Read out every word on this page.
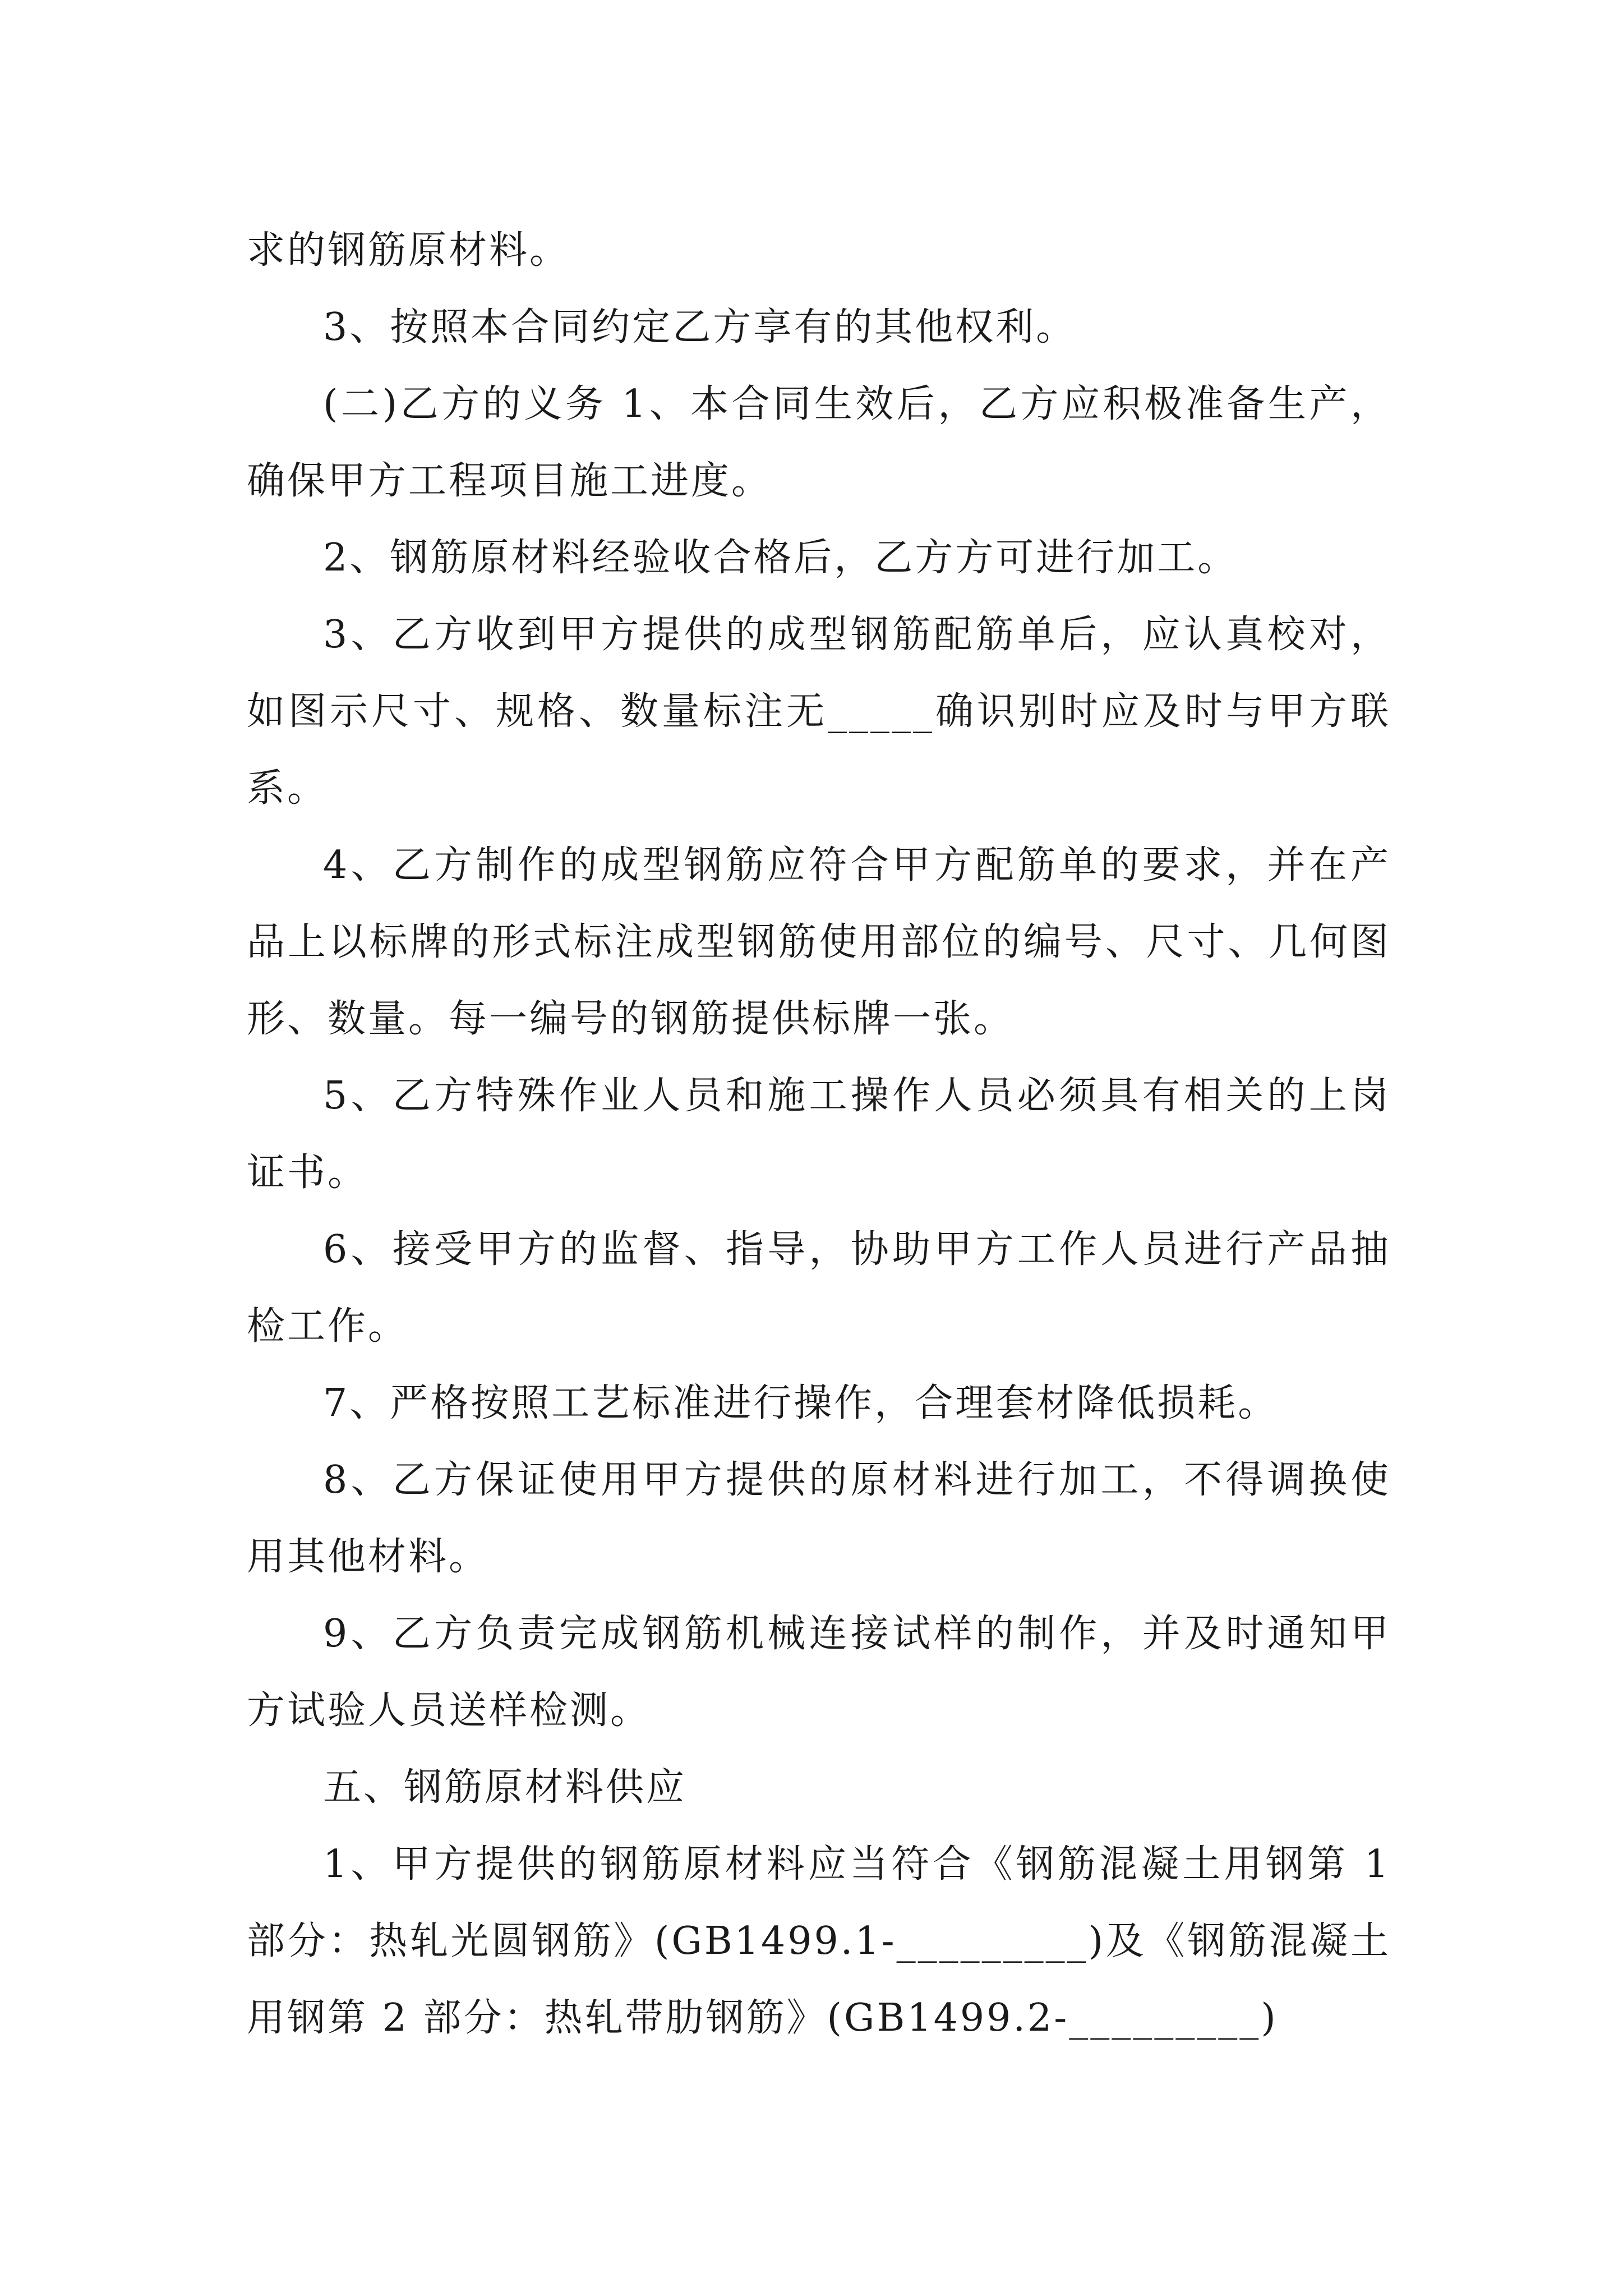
求的钢筋原材料。

3、按照本合同约定乙方享有的其他权利。

(二)乙方的义务 1、本合同生效后，乙方应积极准备生产，确保甲方工程项目施工进度。

2、钢筋原材料经验收合格后，乙方方可进行加工。

3、乙方收到甲方提供的成型钢筋配筋单后，应认真校对，如图示尺寸、规格、数量标注无_____确识别时应及时与甲方联系。

4、乙方制作的成型钢筋应符合甲方配筋单的要求，并在产品上以标牌的形式标注成型钢筋使用部位的编号、尺寸、几何图形、数量。每一编号的钢筋提供标牌一张。

5、乙方特殊作业人员和施工操作人员必须具有相关的上岗证书。

6、接受甲方的监督、指导，协助甲方工作人员进行产品抽检工作。

7、严格按照工艺标准进行操作，合理套材降低损耗。

8、乙方保证使用甲方提供的原材料进行加工，不得调换使用其他材料。

9、乙方负责完成钢筋机械连接试样的制作，并及时通知甲方试验人员送样检测。

五、钢筋原材料供应

1、甲方提供的钢筋原材料应当符合《钢筋混凝土用钢第 1 部分：热轧光圆钢筋》(GB1499.1-_________)及《钢筋混凝土用钢第 2 部分：热轧带肋钢筋》(GB1499.2-_________)
